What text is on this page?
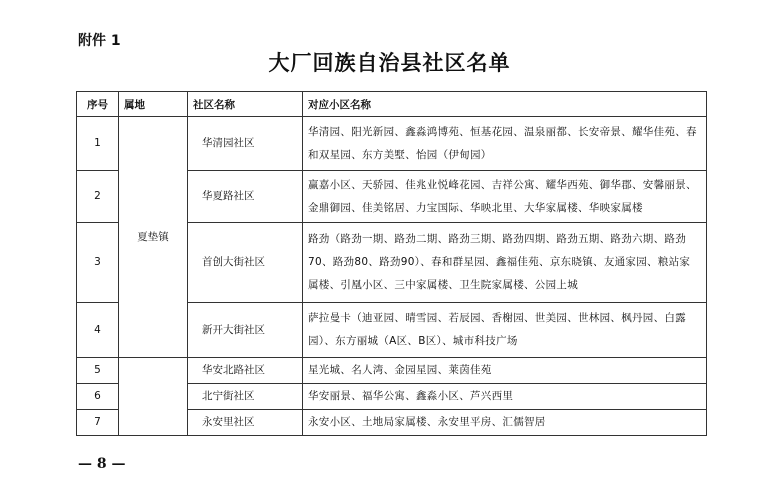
附件 1
大厂回族自治县社区名单
序号	属地	社区名称	对应小区名称
1	夏垫镇	华清园社区	华清园、阳光新园、鑫淼鸿博苑、恒基花园、温泉丽都、长安帝景、耀华佳苑、春和双星园、东方美墅、怡园（伊甸园）
2		华夏路社区	赢嘉小区、天骄园、佳兆业悦峰花园、吉祥公寓、耀华西苑、御华郡、安馨丽景、金鼎御园、佳美铭居、力宝国际、华映北里、大华家属楼、华映家属楼
3		首创大街社区	路劲（路劲一期、路劲二期、路劲三期、路劲四期、路劲五期、路劲六期、路劲70、路劲80、路劲90）、春和群星园、鑫福佳苑、京东晓镇、友通家园、粮站家属楼、引凰小区、三中家属楼、卫生院家属楼、公园上城
4		新开大街社区	萨拉曼卡（迪亚园、晴雪园、若辰园、香榭园、世美园、世林园、枫丹园、白露园）、东方丽城（A区、B区）、城市科技广场
5		华安北路社区	星光城、名人湾、金园星园、莱茵佳苑
6		北宁街社区	华安丽景、福华公寓、鑫淼小区、芦兴西里
7		永安里社区	永安小区、土地局家属楼、永安里平房、汇儒智居
— 8 —
